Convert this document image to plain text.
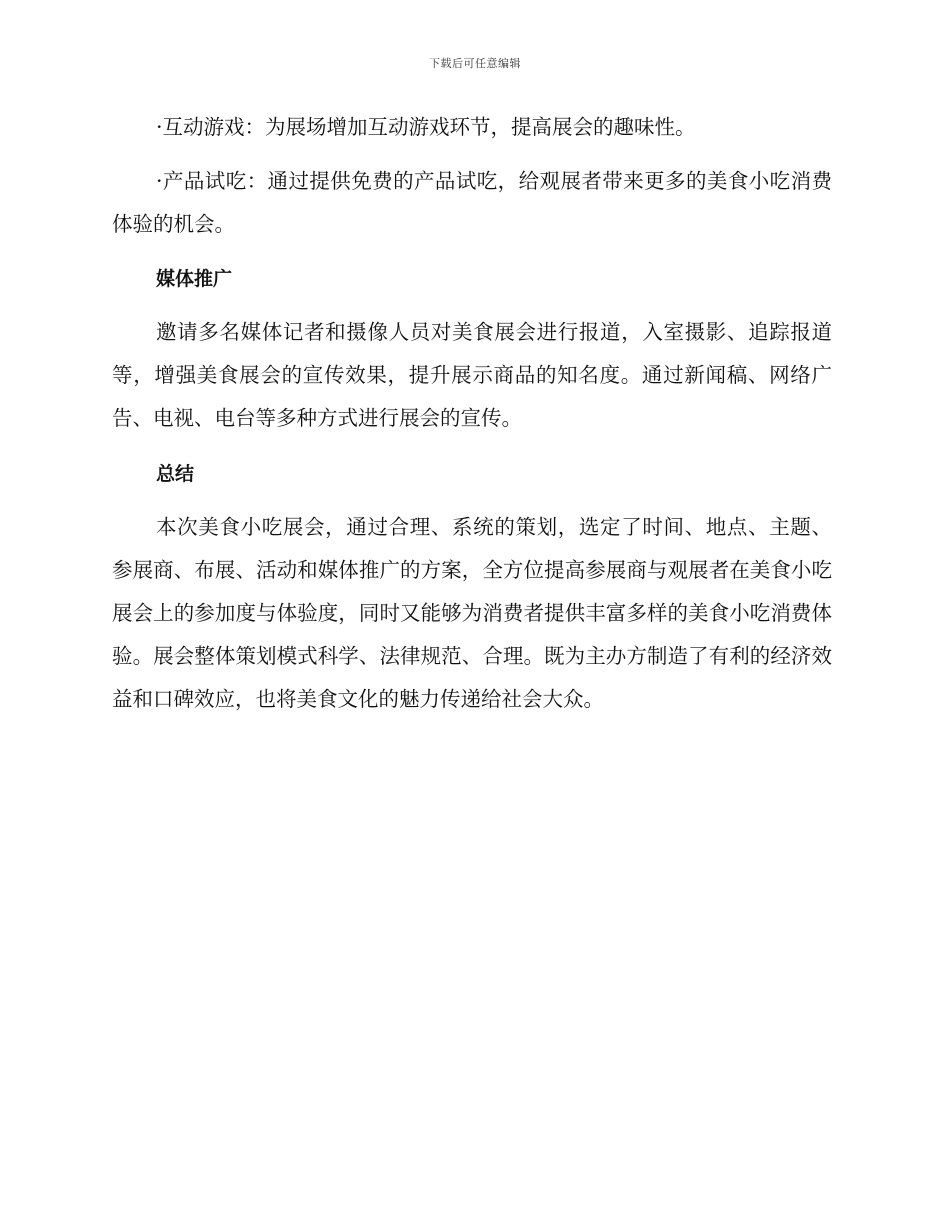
下载后可任意编辑

·互动游戏：为展场增加互动游戏环节，提高展会的趣味性。

·产品试吃：通过提供免费的产品试吃，给观展者带来更多的美食小吃消费体验的机会。

媒体推广

邀请多名媒体记者和摄像人员对美食展会进行报道，入室摄影、追踪报道等，增强美食展会的宣传效果，提升展示商品的知名度。通过新闻稿、网络广告、电视、电台等多种方式进行展会的宣传。

总结

本次美食小吃展会，通过合理、系统的策划，选定了时间、地点、主题、参展商、布展、活动和媒体推广的方案，全方位提高参展商与观展者在美食小吃展会上的参加度与体验度，同时又能够为消费者提供丰富多样的美食小吃消费体验。展会整体策划模式科学、法律规范、合理。既为主办方制造了有利的经济效益和口碑效应，也将美食文化的魅力传递给社会大众。
